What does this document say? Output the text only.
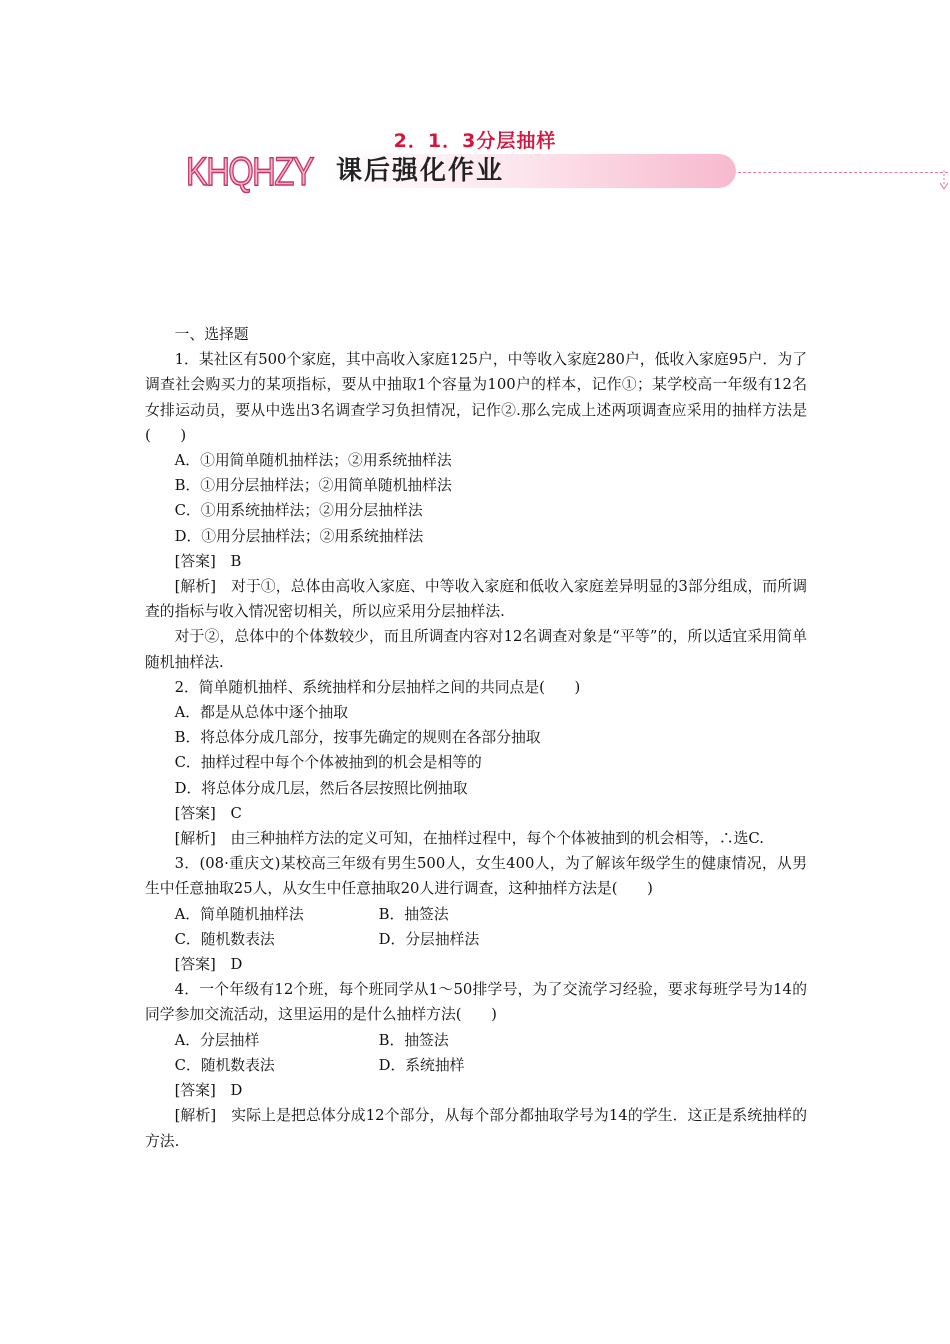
2．1．3分层抽样
KHQHZY 课后强化作业

一、选择题

1．某社区有500个家庭，其中高收入家庭125户，中等收入家庭280户，低收入家庭95户．为了调查社会购买力的某项指标，要从中抽取1个容量为100户的样本，记作①；某学校高一年级有12名女排运动员，要从中选出3名调查学习负担情况，记作②.那么完成上述两项调查应采用的抽样方法是(　　)

A．①用简单随机抽样法；②用系统抽样法

B．①用分层抽样法；②用简单随机抽样法

C．①用系统抽样法；②用分层抽样法

D．①用分层抽样法；②用系统抽样法

[答案]　B

[解析]　对于①，总体由高收入家庭、中等收入家庭和低收入家庭差异明显的3部分组成，而所调查的指标与收入情况密切相关，所以应采用分层抽样法.

对于②，总体中的个体数较少，而且所调查内容对12名调查对象是“平等”的，所以适宜采用简单随机抽样法.

2．简单随机抽样、系统抽样和分层抽样之间的共同点是(　　)

A．都是从总体中逐个抽取

B．将总体分成几部分，按事先确定的规则在各部分抽取

C．抽样过程中每个个体被抽到的机会是相等的

D．将总体分成几层，然后各层按照比例抽取

[答案]　C

[解析]　由三种抽样方法的定义可知，在抽样过程中，每个个体被抽到的机会相等，∴选C.

3．(08·重庆文)某校高三年级有男生500人，女生400人，为了解该年级学生的健康情况，从男生中任意抽取25人，从女生中任意抽取20人进行调查，这种抽样方法是(　　)

A．简单随机抽样法	B．抽签法
C．随机数表法	D．分层抽样法

[答案]　D

4．一个年级有12个班，每个班同学从1～50排学号，为了交流学习经验，要求每班学号为14的同学参加交流活动，这里运用的是什么抽样方法(　　)

A．分层抽样	B．抽签法
C．随机数表法	D．系统抽样

[答案]　D

[解析]　实际上是把总体分成12个部分，从每个部分都抽取学号为14的学生．这正是系统抽样的方法.
